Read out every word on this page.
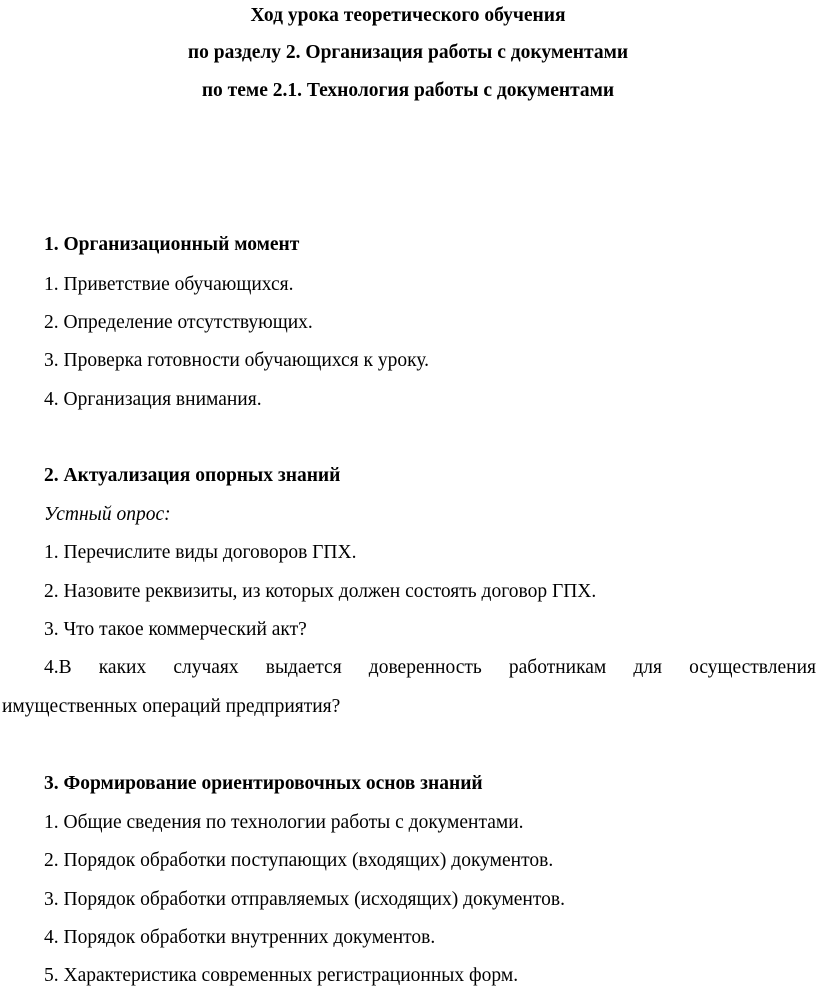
Ход урока теоретического обучения
по разделу 2. Организация работы с документами
по теме 2.1. Технология работы с документами
1. Организационный момент
1. Приветствие обучающихся.
2. Определение отсутствующих.
3. Проверка готовности обучающихся к уроку.
4. Организация внимания.
2. Актуализация опорных знаний
Устный опрос:
1. Перечислите виды договоров ГПХ.
2. Назовите реквизиты, из которых должен состоять договор ГПХ.
3. Что такое коммерческий акт?
4.В каких случаях выдается доверенность работникам для осуществления
имущественных операций предприятия?
3. Формирование ориентировочных основ знаний
1. Общие сведения по технологии работы с документами.
2. Порядок обработки поступающих (входящих) документов.
3. Порядок обработки отправляемых (исходящих) документов.
4. Порядок обработки внутренних документов.
5. Характеристика современных регистрационных форм.
